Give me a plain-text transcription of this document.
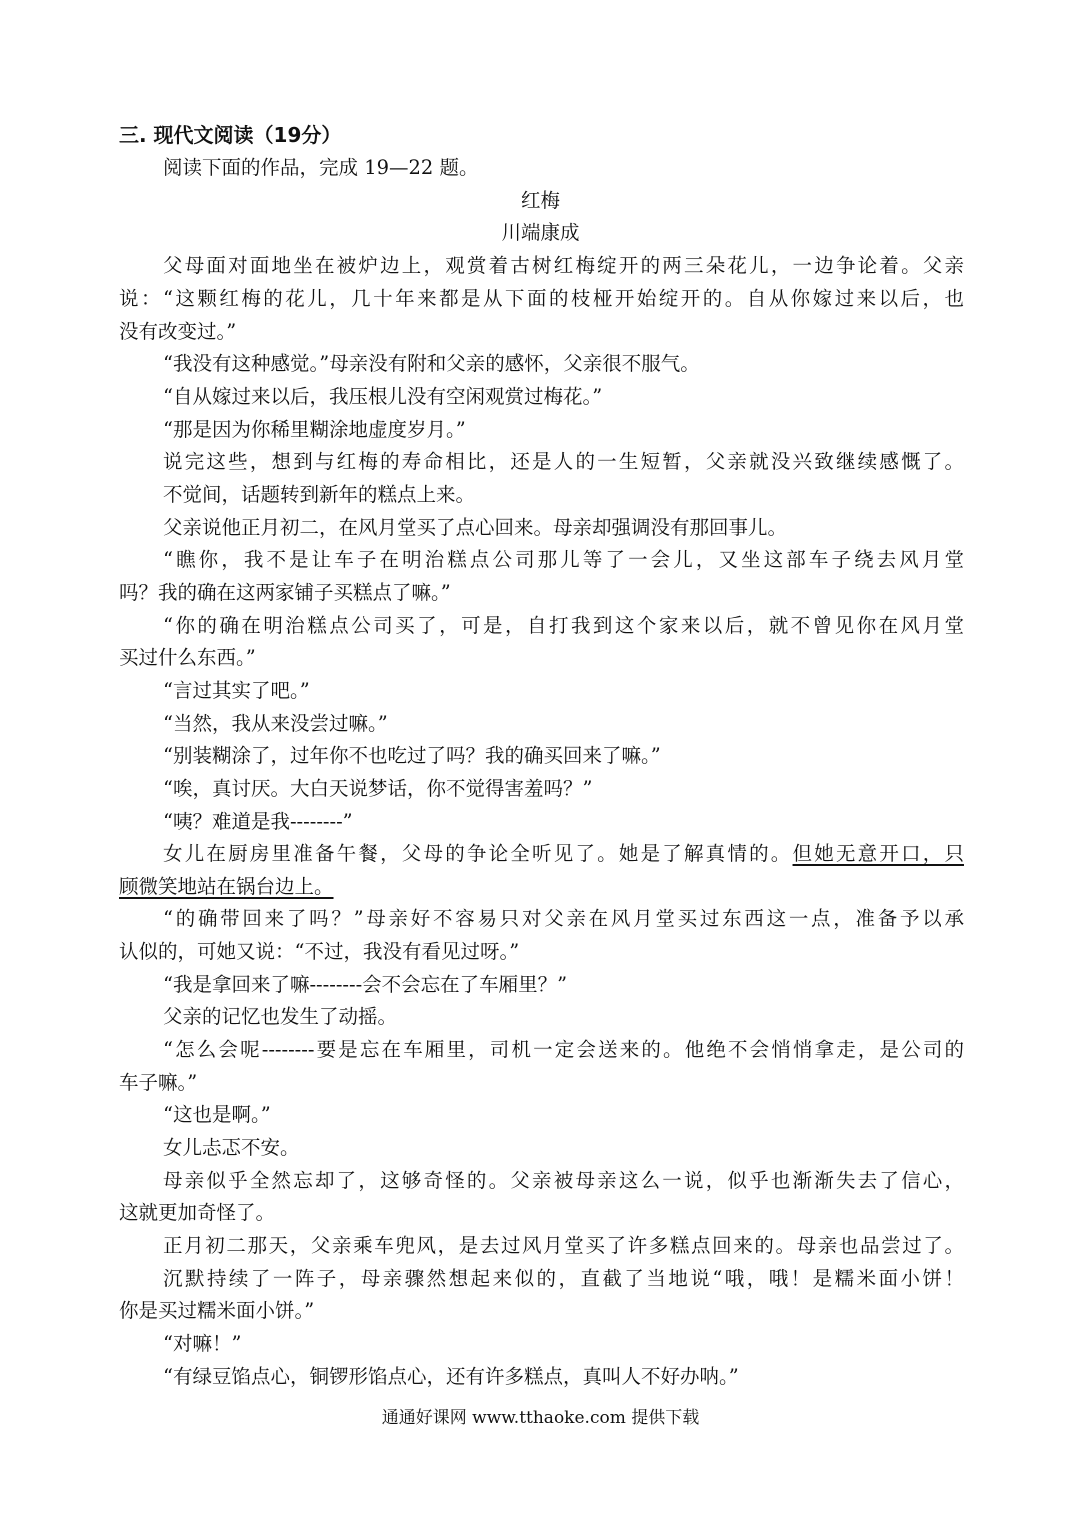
三. 现代文阅读（19分）
阅读下面的作品，完成 19—22 题。
红梅
川端康成
父母面对面地坐在被炉边上，观赏着古树红梅绽开的两三朵花儿，一边争论着。父亲
说：“这颗红梅的花儿，几十年来都是从下面的枝桠开始绽开的。自从你嫁过来以后，也
没有改变过。”
“我没有这种感觉。”母亲没有附和父亲的感怀，父亲很不服气。
“自从嫁过来以后，我压根儿没有空闲观赏过梅花。”
“那是因为你稀里糊涂地虚度岁月。”
说完这些，想到与红梅的寿命相比，还是人的一生短暂，父亲就没兴致继续感慨了。
不觉间，话题转到新年的糕点上来。
父亲说他正月初二，在风月堂买了点心回来。母亲却强调没有那回事儿。
“瞧你，我不是让车子在明治糕点公司那儿等了一会儿，又坐这部车子绕去风月堂
吗？我的确在这两家铺子买糕点了嘛。”
“你的确在明治糕点公司买了，可是，自打我到这个家来以后，就不曾见你在风月堂
买过什么东西。”
“言过其实了吧。”
“当然，我从来没尝过嘛。”
“别装糊涂了，过年你不也吃过了吗？我的确买回来了嘛。”
“唉，真讨厌。大白天说梦话，你不觉得害羞吗？”
“咦？难道是我--------”
女儿在厨房里准备午餐，父母的争论全听见了。她是了解真情的。但她无意开口，只
顾微笑地站在锅台边上。
“的确带回来了吗？”母亲好不容易只对父亲在风月堂买过东西这一点，准备予以承
认似的，可她又说：“不过，我没有看见过呀。”
“我是拿回来了嘛--------会不会忘在了车厢里？”
父亲的记忆也发生了动摇。
“怎么会呢--------要是忘在车厢里，司机一定会送来的。他绝不会悄悄拿走，是公司的
车子嘛。”
“这也是啊。”
女儿忐忑不安。
母亲似乎全然忘却了，这够奇怪的。父亲被母亲这么一说，似乎也渐渐失去了信心，
这就更加奇怪了。
正月初二那天，父亲乘车兜风，是去过风月堂买了许多糕点回来的。母亲也品尝过了。
沉默持续了一阵子，母亲骤然想起来似的，直截了当地说“哦，哦！是糯米面小饼！
你是买过糯米面小饼。”
“对嘛！”
“有绿豆馅点心，铜锣形馅点心，还有许多糕点，真叫人不好办呐。”
通通好课网 www.tthaoke.com 提供下载
